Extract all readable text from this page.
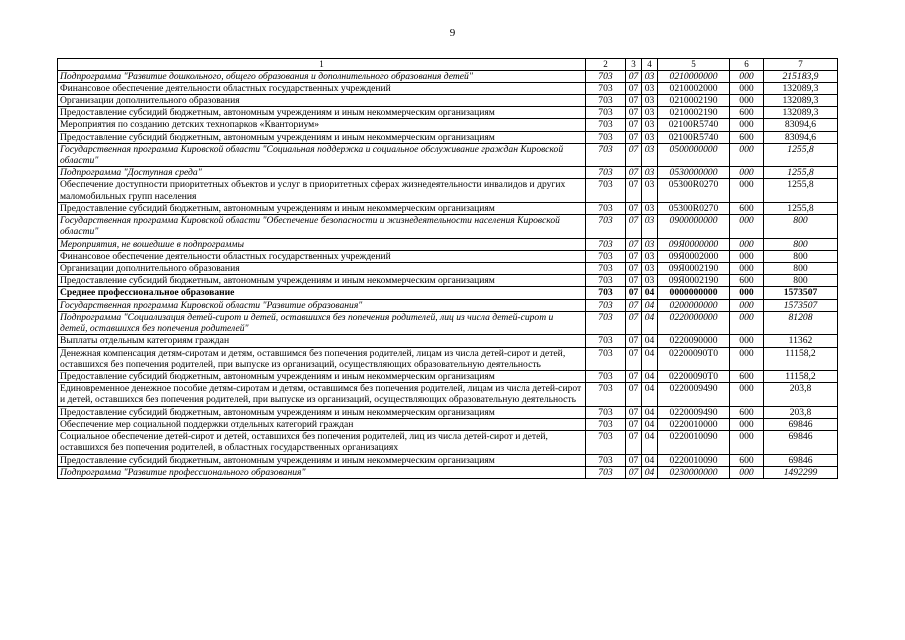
9
1	2	3	4	5	6	7
Подпрограмма "Развитие дошкольного, общего образования и дополнительного образования детей"	703	07	03	0210000000	000	215183,9
Финансовое обеспечение деятельности областных государственных учреждений	703	07	03	0210002000	000	132089,3
Организации дополнительного образования	703	07	03	0210002190	000	132089,3
Предоставление субсидий бюджетным, автономным учреждениям и иным некоммерческим организациям	703	07	03	0210002190	600	132089,3
Мероприятия по созданию детских технопарков «Кванториум»	703	07	03	02100R5740	000	83094,6
Предоставление субсидий бюджетным, автономным учреждениям и иным некоммерческим организациям	703	07	03	02100R5740	600	83094,6
Государственная программа Кировской области "Социальная поддержка и социальное обслуживание граждан Кировской области"	703	07	03	0500000000	000	1255,8
Подпрограмма "Доступная среда"	703	07	03	0530000000	000	1255,8
Обеспечение доступности приоритетных объектов и услуг в приоритетных сферах жизнедеятельности инвалидов и других маломобильных групп населения	703	07	03	05300R0270	000	1255,8
Предоставление субсидий бюджетным, автономным учреждениям и иным некоммерческим организациям	703	07	03	05300R0270	600	1255,8
Государственная программа Кировской области "Обеспечение безопасности и жизнедеятельности населения Кировской области"	703	07	03	0900000000	000	800
Мероприятия, не вошедшие в подпрограммы	703	07	03	09Я0000000	000	800
Финансовое обеспечение деятельности областных государственных учреждений	703	07	03	09Я0002000	000	800
Организации дополнительного образования	703	07	03	09Я0002190	000	800
Предоставление субсидий бюджетным, автономным учреждениям и иным некоммерческим организациям	703	07	03	09Я0002190	600	800
Среднее профессиональное образование	703	07	04	0000000000	000	1573507
Государственная программа Кировской области "Развитие образования"	703	07	04	0200000000	000	1573507
Подпрограмма "Социализация детей-сирот и детей, оставшихся без попечения родителей, лиц из числа детей-сирот и детей, оставшихся без попечения родителей"	703	07	04	0220000000	000	81208
Выплаты отдельным категориям граждан	703	07	04	0220090000	000	11362
Денежная компенсация детям-сиротам и детям, оставшимся без попечения родителей, лицам из числа детей-сирот и детей, оставшихся без попечения родителей, при выпуске из организаций, осуществляющих образовательную деятельность	703	07	04	02200090Т0	000	11158,2
Предоставление субсидий бюджетным, автономным учреждениям и иным некоммерческим организациям	703	07	04	02200090Т0	600	11158,2
Единовременное денежное пособие детям-сиротам и детям, оставшимся без попечения родителей, лицам из числа детей-сирот и детей, оставшихся без попечения родителей, при выпуске из организаций, осуществляющих образовательную деятельность	703	07	04	0220009490	000	203,8
Предоставление субсидий бюджетным, автономным учреждениям и иным некоммерческим организациям	703	07	04	0220009490	600	203,8
Обеспечение мер социальной поддержки отдельных категорий граждан	703	07	04	0220010000	000	69846
Социальное обеспечение детей-сирот и детей, оставшихся без попечения родителей, лиц из числа детей-сирот и детей, оставшихся без попечения родителей, в областных государственных организациях	703	07	04	0220010090	000	69846
Предоставление субсидий бюджетным, автономным учреждениям и иным некоммерческим организациям	703	07	04	0220010090	600	69846
Подпрограмма "Развитие профессионального образования"	703	07	04	0230000000	000	1492299
